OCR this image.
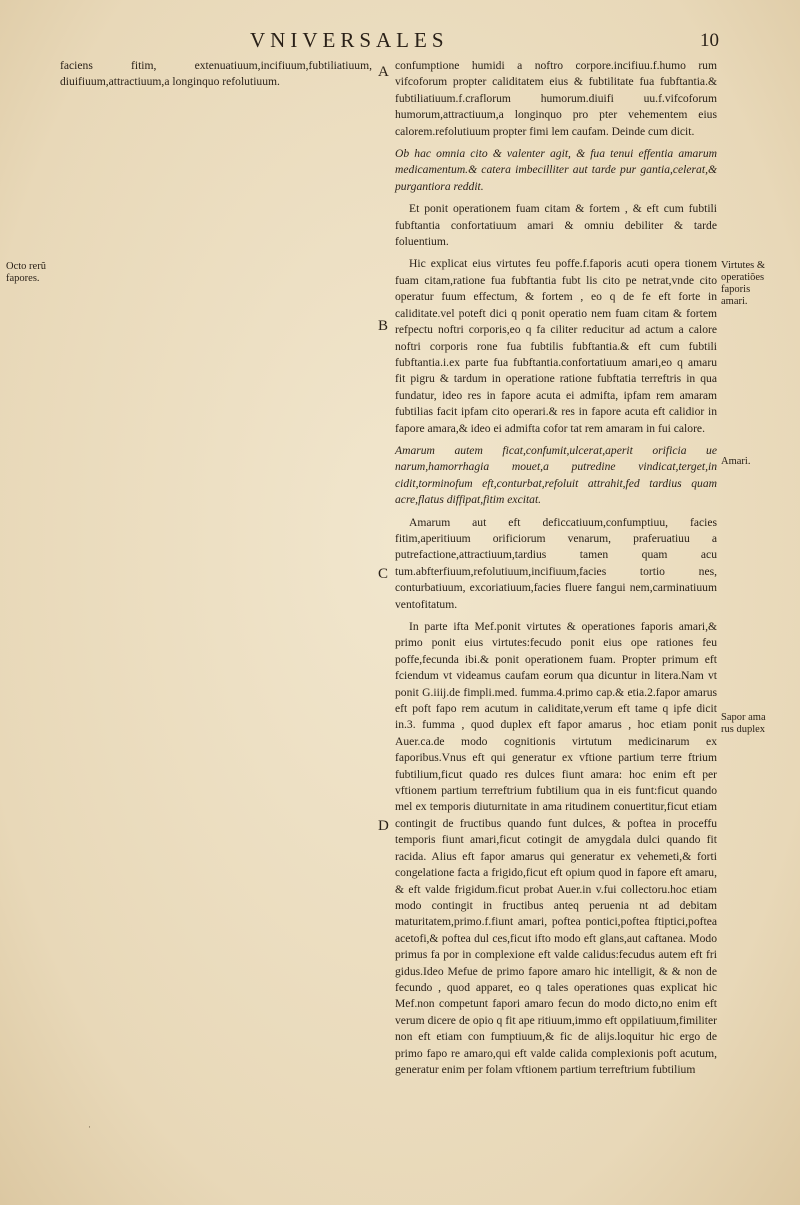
VNIVERSALES	10
Octo rerũ fapores.
A
B
C
D

faciens fitim, extenuatiuum,incifiuum,fubtiliatiuum, diuifiuum,attractiuum,a longinquo refolutiuum.

confumptione humidi a noftro corpore.incifiuu.f.humo rum vifcoforum propter caliditatem eius & fubtilitate fua fubftantia.& fubtiliatiuum.f.craflorum humorum.diuifi uu.f.vifcoforum humorum,attractiuum,a longinquo pro pter vehementem eius calorem.refolutiuum propter fimi lem caufam. Deinde cum dicit.

Ob hac omnia cito & valenter agit, & fua tenui effentia amarum medicamentum.& catera imbecilliter aut tarde pur gantia,celerat,& purgantiora reddit.

Et ponit operationem fuam citam & fortem , & eft cum fubtili fubftantia confortatiuum amari & omniu debiliter & tarde foluentium.

Hic explicat eius virtutes feu poffe.f.faporis acuti opera tionem fuam citam,ratione fua fubftantia fubt lis cito pe netrat,vnde cito operatur fuum effectum, & fortem , eo q de fe eft forte in caliditate.vel poteft dici q ponit operatio nem fuam citam & fortem refpectu noftri corporis,eo q fa ciliter reducitur ad actum a calore noftri corporis rone fua fubtilis fubftantia.& eft cum fubtili fubftantia.i.ex parte fua fubftantia.confortatiuum amari,eo q amaru fit pigru & tardum in operatione ratione fubftatia terreftris in qua fundatur, ideo res in fapore acuta ei admifta, ipfam rem amaram fubtilias facit ipfam cito operari.& res in fapore acuta eft calidior in fapore amara,& ideo ei admifta cofor tat rem amaram in fui calore.

Amarum autem ficat,confumit,ulcerat,aperit orificia ue narum,hamorrhagia mouet,a putredine vindicat,terget,in cidit,torminofum eft,conturbat,refoluit attrahit,fed tardius quam acre,flatus diffipat,fitim excitat.

Amarum aut eft deficcatiuum,confumptiuu, facies fitim,aperitiuum orificiorum venarum, praferuatiuu a putrefactione,attractiuum,tardius tamen quam acu tum.abfterfiuum,refolutiuum,incifiuum,facies tortio nes, conturbatiuum, excoriatiuum,facies fluere fangui nem,carminatiuum ventofitatum.

In parte ifta Mef.ponit virtutes & operationes faporis amari,& primo ponit eius virtutes:fecudo ponit eius ope rationes feu poffe,fecunda ibi.& ponit operationem fuam. Propter primum eft fciendum vt videamus caufam eorum qua dicuntur in litera.Nam vt ponit G.iiij.de fimpli.med. fumma.4.primo cap.& etia.2.fapor amarus eft poft fapo rem acutum in caliditate,verum eft tame q ipfe dicit in.3. fumma , quod duplex eft fapor amarus , hoc etiam ponit Auer.ca.de modo cognitionis virtutum medicinarum ex faporibus.Vnus eft qui generatur ex vftione partium terre ftrium fubtilium,ficut quado res dulces fiunt amara: hoc enim eft per vftionem partium terreftrium fubtilium qua in eis funt:ficut quando mel ex temporis diuturnitate in ama ritudinem conuertitur,ficut etiam contingit de fructibus quando funt dulces, & poftea in proceffu temporis fiunt amari,ficut cotingit de amygdala dulci quando fit racida. Alius eft fapor amarus qui generatur ex vehemeti,& forti congelatione facta a frigido,ficut eft opium quod in fapore eft amaru, & eft valde frigidum.ficut probat Auer.in v.fui collectoru.hoc etiam modo contingit in fructibus anteq peruenia nt ad debitam maturitatem,primo.f.fiunt amari, poftea pontici,poftea ftiptici,poftea acetofi,& poftea dul ces,ficut ifto modo eft glans,aut caftanea. Modo primus fa por in complexione eft valde calidus:fecudus autem eft fri gidus.Ideo Mefue de primo fapore amaro hic intelligit, & & non de fecundo , quod apparet, eo q tales operationes quas explicat hic Mef.non competunt fapori amaro fecun do modo dicto,no enim eft verum dicere de opio q fit ape ritiuum,immo eft oppilatiuum,fimiliter non eft etiam con fumptiuum,& fic de alijs.loquitur hic ergo de primo fapo re amaro,qui eft valde calida complexionis poft acutum, generatur enim per folam vftionem partium terreftrium fubtilium

Virtutes & operatiões faporis amari.
Amari.
Sapor ama rus duplex
·
